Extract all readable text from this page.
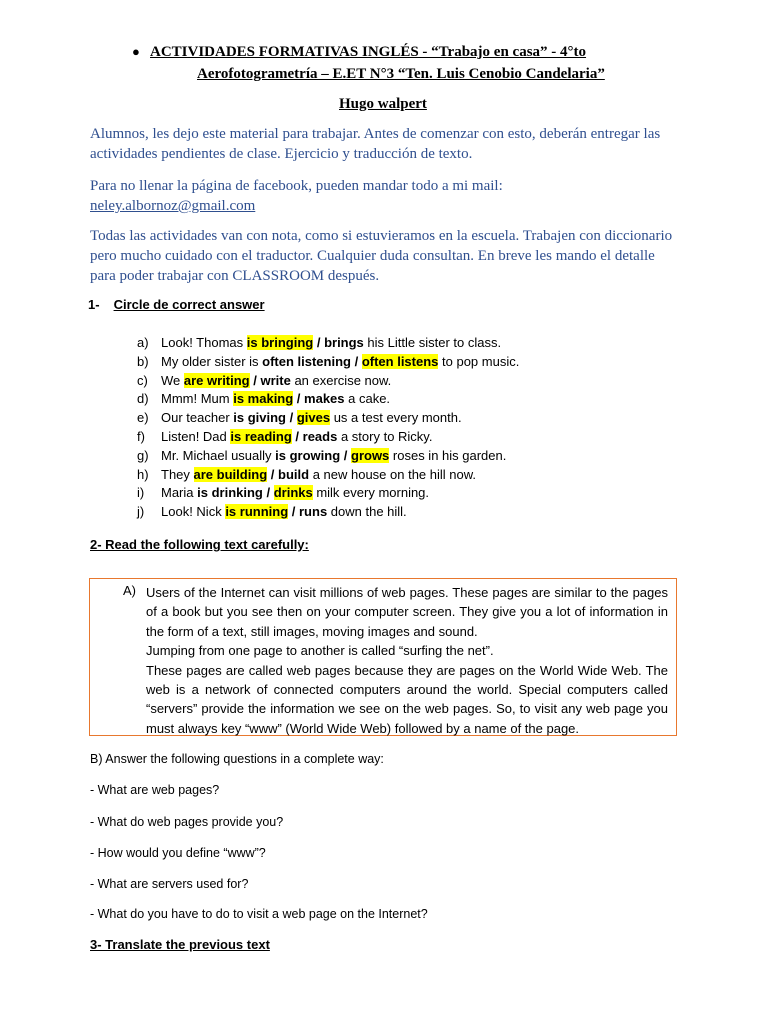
● ACTIVIDADES FORMATIVAS INGLÉS - “Trabajo en casa” - 4°to
Aerofotogrametría – E.ET N°3 “Ten. Luis Cenobio Candelaria”
Hugo walpert
Alumnos, les dejo este material para trabajar. Antes de comenzar con esto, deberán entregar las actividades pendientes de clase. Ejercicio y traducción de texto.
Para no llenar la página de facebook, pueden mandar todo a mi mail:
neley.albornoz@gmail.com
Todas las actividades van con nota, como si estuvieramos en la escuela. Trabajen con diccionario pero mucho cuidado con el traductor. Cualquier duda consultan. En breve les mando el detalle para poder trabajar con CLASSROOM después.
1- Circle de correct answer
a) Look! Thomas is bringing / brings his Little sister to class.
b) My older sister is often listening / often listens to pop music.
c) We are writing / write an exercise now.
d) Mmm! Mum is making / makes a cake.
e) Our teacher is giving / gives us a test every month.
f) Listen! Dad is reading / reads a story to Ricky.
g) Mr. Michael usually is growing / grows roses in his garden.
h) They are building / build a new house on the hill now.
i) Maria is drinking / drinks milk every morning.
j) Look! Nick is running / runs down the hill.
2- Read the following text carefully:
A) Users of the Internet can visit millions of web pages. These pages are similar to the pages of a book but you see then on your computer screen. They give you a lot of information in the form of a text, still images, moving images and sound.
Jumping from one page to another is called “surfing the net”.
These pages are called web pages because they are pages on the World Wide Web. The web is a network of connected computers around the world. Special computers called “servers” provide the information we see on the web pages. So, to visit any web page you must always key “www” (World Wide Web) followed by a name of the page.
B) Answer the following questions in a complete way:
- What are web pages?
- What do web pages provide you?
- How would you define “www”?
- What are servers used for?
- What do you have to do to visit a web page on the Internet?
3- Translate the previous text
